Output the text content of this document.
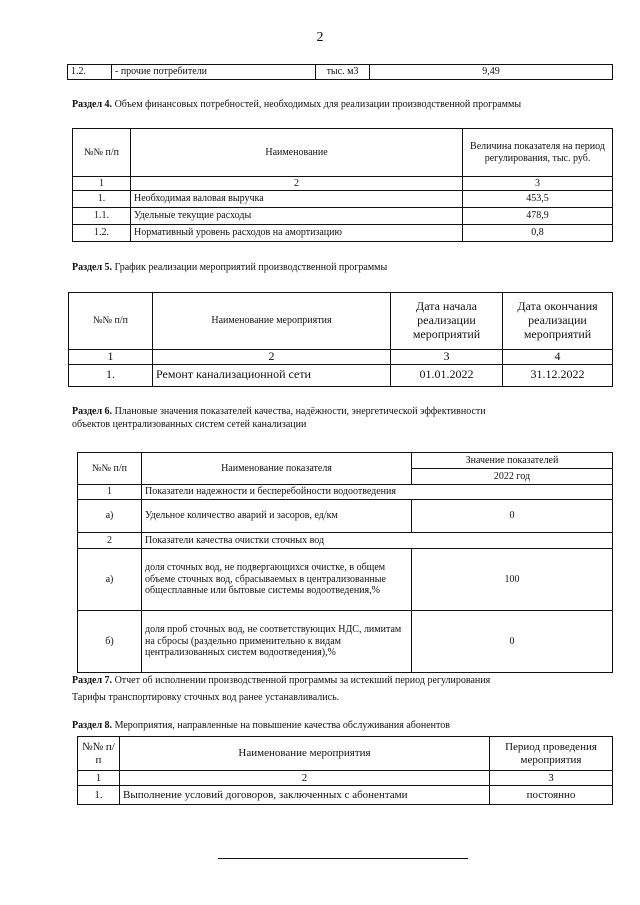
2
1.2.	- прочие потребители	тыс. м3	9,49
Раздел 4. Объем финансовых потребностей, необходимых для реализации производственной программы
№№ п/п	Наименование	Величина показателя на период регулирования, тыс. руб.
1	2	3
1.	Необходимая валовая выручка	453,5
1.1.	Удельные текущие расходы	478,9
1.2.	Нормативный уровень расходов на амортизацию	0,8
Раздел 5. График реализации мероприятий производственной программы
№№ п/п	Наименование мероприятия	Дата начала реализации мероприятий	Дата окончания реализации мероприятий
1	2	3	4
1.	Ремонт канализационной сети	01.01.2022	31.12.2022
Раздел 6. Плановые значения показателей качества, надёжности, энергетической эффективности
объектов централизованных систем сетей канализации
№№ п/п	Наименование показателя	Значение показателей
		2022 год
1	Показатели надежности и бесперебойности водоотведения	
а)	Удельное количество аварий и засоров, ед/км	0
2	Показатели качества очистки сточных вод	
а)	доля сточных вод, не подвергающихся очистке, в общем объеме сточных вод, сбрасываемых в централизованные общесплавные или бытовые системы водоотведения,%	100
б)	доля проб сточных вод, не соответствующих НДС, лимитам на сбросы (раздельно применительно к видам централизованных систем водоотведения),%	0
Раздел 7. Отчет об исполнении производственной программы за истекший период регулирования
Тарифы транспортировку сточных вод ранее устанавливались.
Раздел 8. Мероприятия, направленные на повышение качества обслуживания абонентов
№№ п/п	Наименование мероприятия	Период проведения мероприятия
1	2	3
1.	Выполнение условий договоров, заключенных с абонентами	постоянно
